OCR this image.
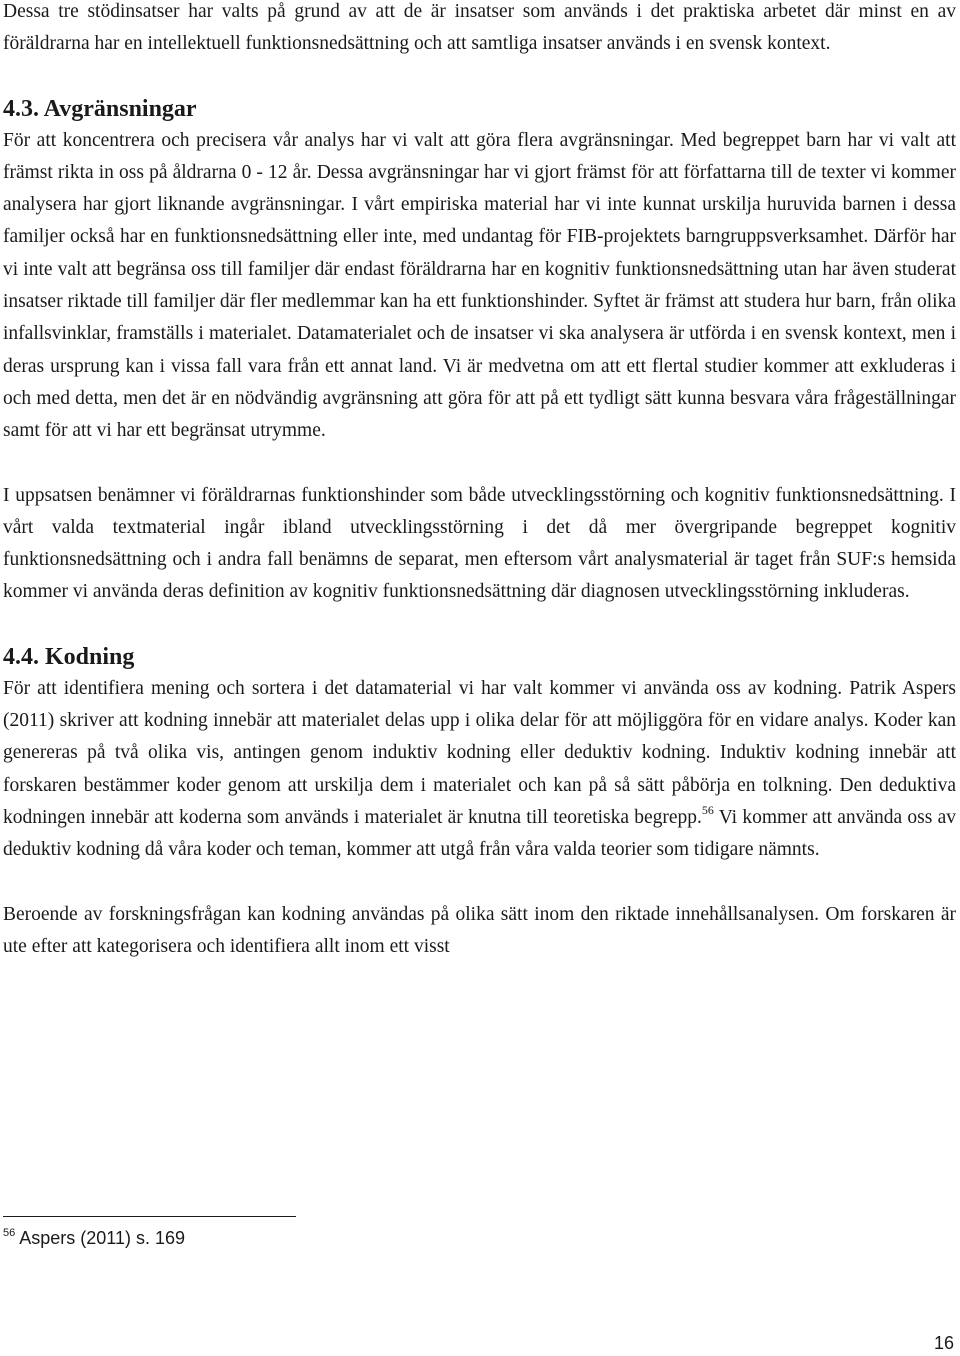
Dessa tre stödinsatser har valts på grund av att de är insatser som används i det praktiska arbetet där minst en av föräldrarna har en intellektuell funktionsnedsättning och att samtliga insatser används i en svensk kontext.

4.3. Avgränsningar

För att koncentrera och precisera vår analys har vi valt att göra flera avgränsningar. Med begreppet barn har vi valt att främst rikta in oss på åldrarna 0 - 12 år. Dessa avgränsningar har vi gjort främst för att författarna till de texter vi kommer analysera har gjort liknande avgränsningar. I vårt empiriska material har vi inte kunnat urskilja huruvida barnen i dessa familjer också har en funktionsnedsättning eller inte, med undantag för FIB-projektets barngruppsverksamhet. Därför har vi inte valt att begränsa oss till familjer där endast föräldrarna har en kognitiv funktionsnedsättning utan har även studerat insatser riktade till familjer där fler medlemmar kan ha ett funktionshinder. Syftet är främst att studera hur barn, från olika infallsvinklar, framställs i materialet. Datamaterialet och de insatser vi ska analysera är utförda i en svensk kontext, men i deras ursprung kan i vissa fall vara från ett annat land. Vi är medvetna om att ett flertal studier kommer att exkluderas i och med detta, men det är en nödvändig avgränsning att göra för att på ett tydligt sätt kunna besvara våra frågeställningar samt för att vi har ett begränsat utrymme.

I uppsatsen benämner vi föräldrarnas funktionshinder som både utvecklingsstörning och kognitiv funktionsnedsättning. I vårt valda textmaterial ingår ibland utvecklingsstörning i det då mer övergripande begreppet kognitiv funktionsnedsättning och i andra fall benämns de separat, men eftersom vårt analysmaterial är taget från SUF:s hemsida kommer vi använda deras definition av kognitiv funktionsnedsättning där diagnosen utvecklingsstörning inkluderas.

4.4. Kodning

För att identifiera mening och sortera i det datamaterial vi har valt kommer vi använda oss av kodning. Patrik Aspers (2011) skriver att kodning innebär att materialet delas upp i olika delar för att möjliggöra för en vidare analys. Koder kan genereras på två olika vis, antingen genom induktiv kodning eller deduktiv kodning. Induktiv kodning innebär att forskaren bestämmer koder genom att urskilja dem i materialet och kan på så sätt påbörja en tolkning. Den deduktiva kodningen innebär att koderna som används i materialet är knutna till teoretiska begrepp.$^{56}$ Vi kommer att använda oss av deduktiv kodning då våra koder och teman, kommer att utgå från våra valda teorier som tidigare nämnts.

Beroende av forskningsfrågan kan kodning användas på olika sätt inom den riktade innehållsanalysen. Om forskaren är ute efter att kategorisera och identifiera allt inom ett visst

$^{56}$ Aspers (2011) s. 169
16
